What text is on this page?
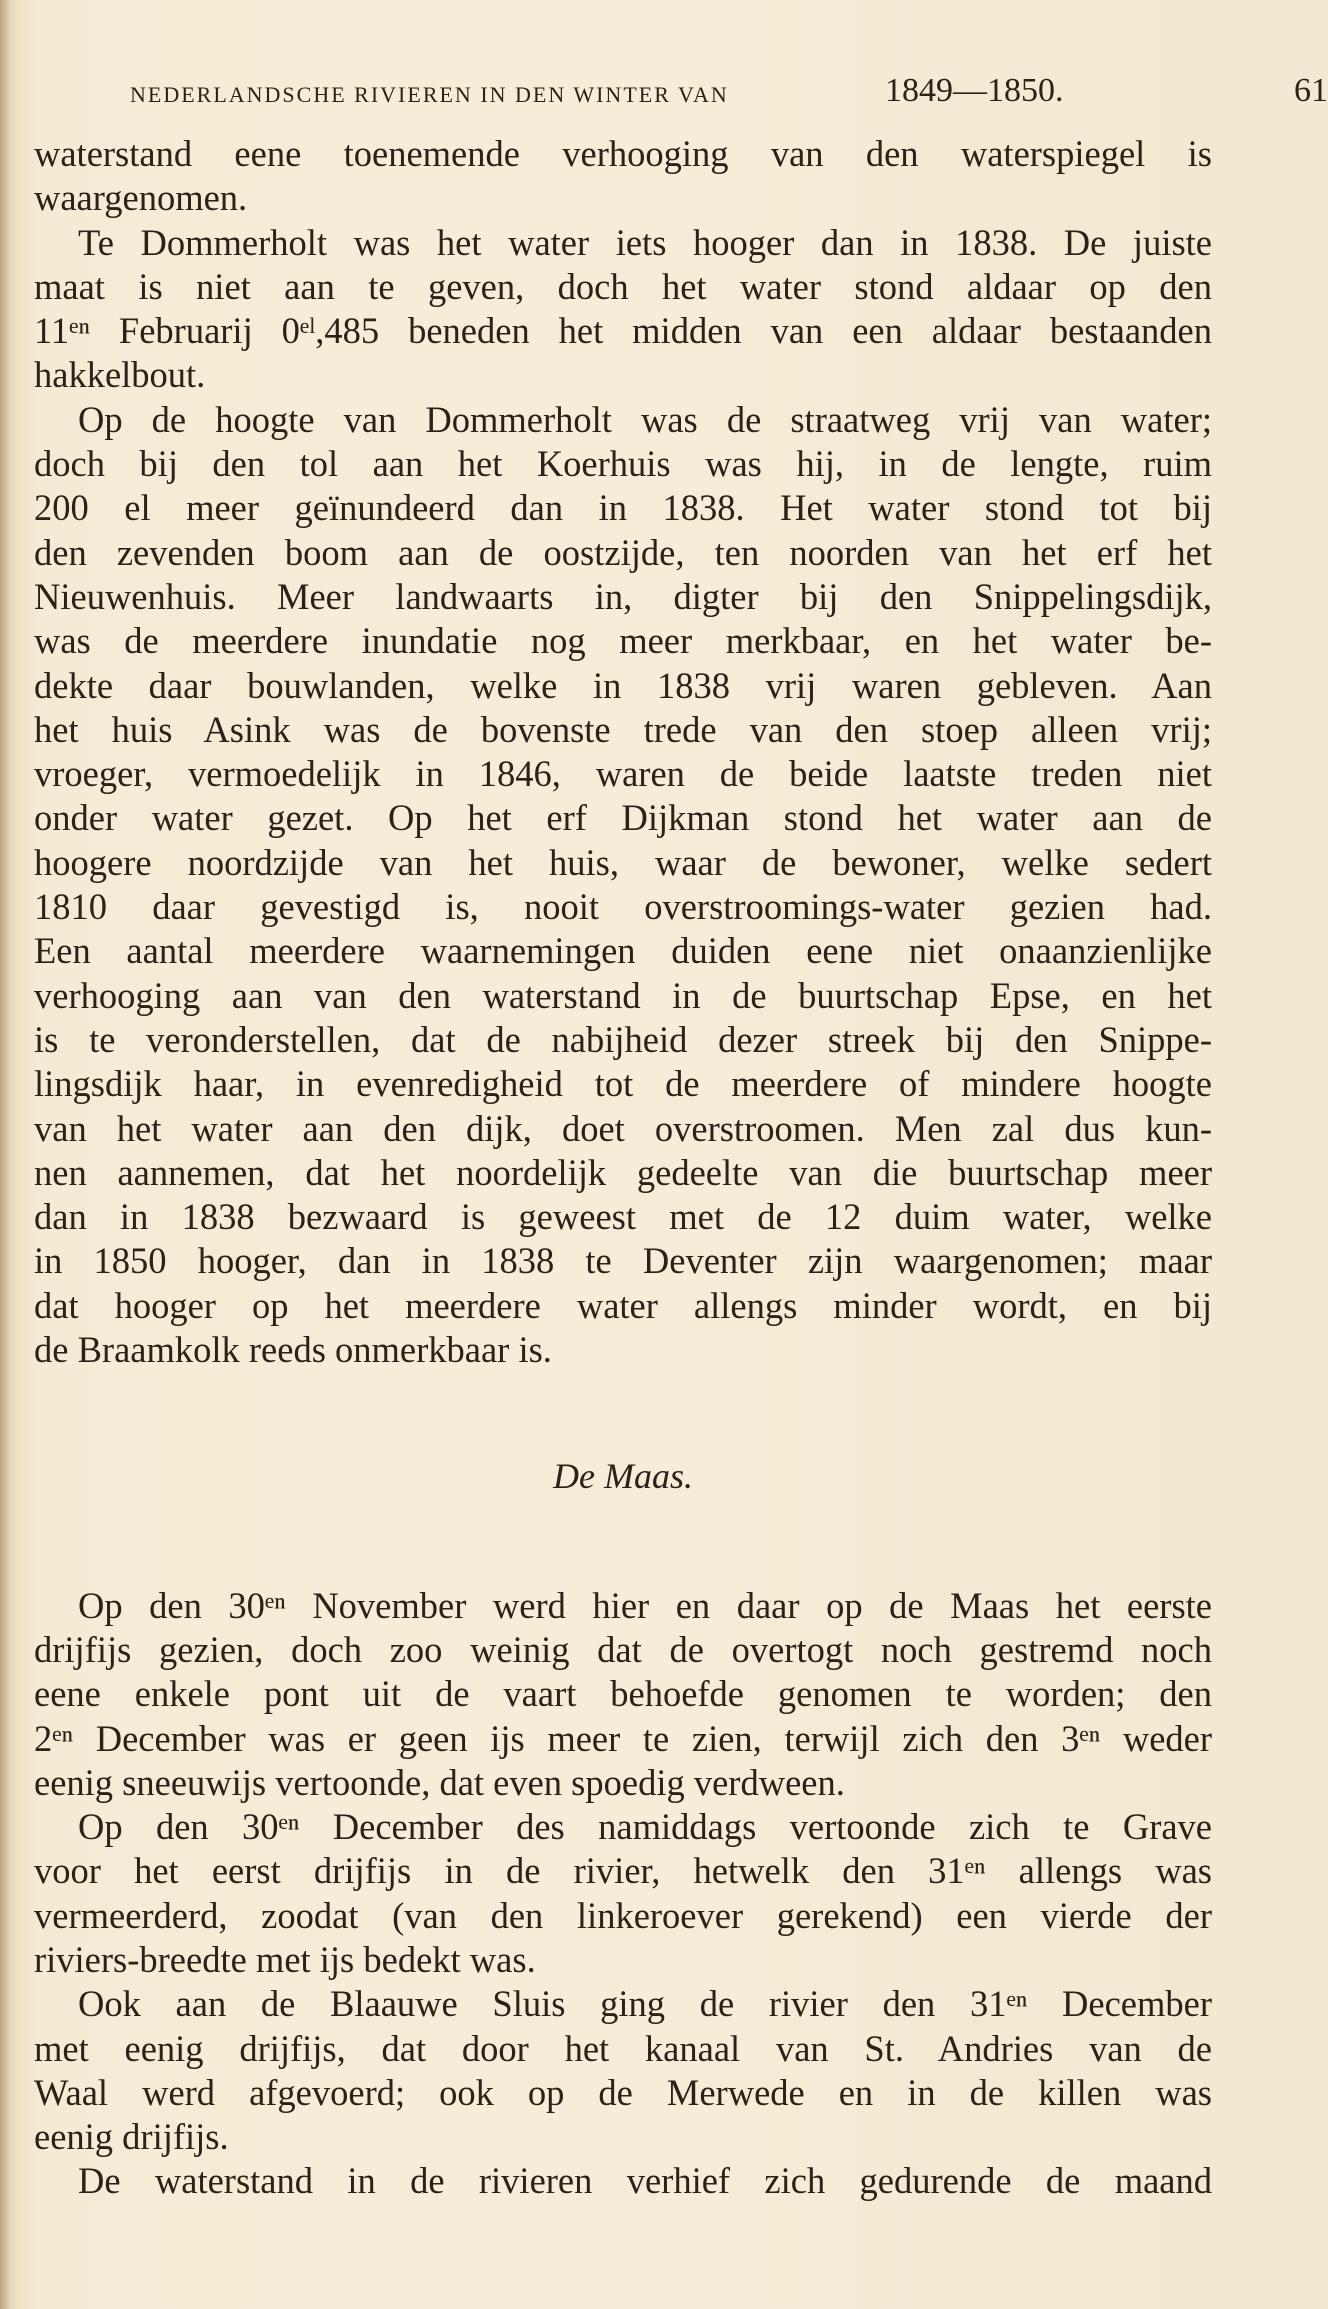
NEDERLANDSCHE RIVIEREN IN DEN WINTER VAN	1849—1850.	61
waterstand eene toenemende verhooging van den waterspiegel is
waargenomen.
Te Dommerholt was het water iets hooger dan in 1838. De juiste
maat is niet aan te geven, doch het water stond aldaar op den
11ᵉⁿ Februarij 0ᵉˡ,485 beneden het midden van een aldaar bestaanden
hakkelbout.
Op de hoogte van Dommerholt was de straatweg vrij van water;
doch bij den tol aan het Koerhuis was hij, in de lengte, ruim
200 el meer geïnundeerd dan in 1838. Het water stond tot bij
den zevenden boom aan de oostzijde, ten noorden van het erf het
Nieuwenhuis. Meer landwaarts in, digter bij den Snippelingsdijk,
was de meerdere inundatie nog meer merkbaar, en het water be-
dekte daar bouwlanden, welke in 1838 vrij waren gebleven. Aan
het huis Asink was de bovenste trede van den stoep alleen vrij;
vroeger, vermoedelijk in 1846, waren de beide laatste treden niet
onder water gezet. Op het erf Dijkman stond het water aan de
hoogere noordzijde van het huis, waar de bewoner, welke sedert
1810 daar gevestigd is, nooit overstroomings-water gezien had.
Een aantal meerdere waarnemingen duiden eene niet onaanzienlijke
verhooging aan van den waterstand in de buurtschap Epse, en het
is te veronderstellen, dat de nabijheid dezer streek bij den Snippe-
lingsdijk haar, in evenredigheid tot de meerdere of mindere hoogte
van het water aan den dijk, doet overstroomen. Men zal dus kun-
nen aannemen, dat het noordelijk gedeelte van die buurtschap meer
dan in 1838 bezwaard is geweest met de 12 duim water, welke
in 1850 hooger, dan in 1838 te Deventer zijn waargenomen; maar
dat hooger op het meerdere water allengs minder wordt, en bij
de Braamkolk reeds onmerkbaar is.
De Maas.
Op den 30ᵉⁿ November werd hier en daar op de Maas het eerste
drijfijs gezien, doch zoo weinig dat de overtogt noch gestremd noch
eene enkele pont uit de vaart behoefde genomen te worden; den
2ᵉⁿ December was er geen ijs meer te zien, terwijl zich den 3ᵉⁿ weder
eenig sneeuwijs vertoonde, dat even spoedig verdween.
Op den 30ᵉⁿ December des namiddags vertoonde zich te Grave
voor het eerst drijfijs in de rivier, hetwelk den 31ᵉⁿ allengs was
vermeerderd, zoodat (van den linkeroever gerekend) een vierde der
riviers-breedte met ijs bedekt was.
Ook aan de Blaauwe Sluis ging de rivier den 31ᵉⁿ December
met eenig drijfijs, dat door het kanaal van St. Andries van de
Waal werd afgevoerd; ook op de Merwede en in de killen was
eenig drijfijs.
De waterstand in de rivieren verhief zich gedurende de maand
